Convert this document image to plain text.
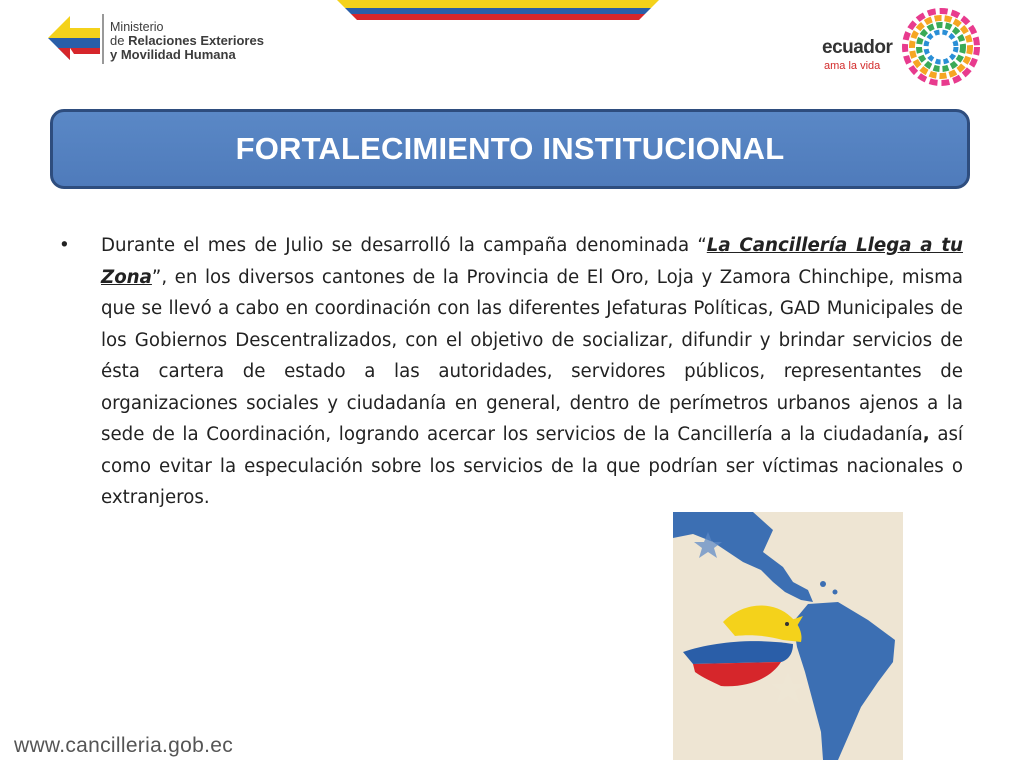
Ministerio
de Relaciones Exteriores
y Movilidad Humana	ecuador
ama la vida
FORTALECIMIENTO INSTITUCIONAL
•	Durante el mes de Julio se desarrolló la campaña denominada “La Cancillería Llega a tu Zona”, en los diversos cantones de la Provincia de El Oro, Loja y Zamora Chinchipe, misma que se llevó a cabo en coordinación con las diferentes Jefaturas Políticas, GAD Municipales de los Gobiernos Descentralizados, con el objetivo de socializar, difundir y brindar servicios de ésta cartera de estado a las autoridades, servidores públicos, representantes de organizaciones sociales y ciudadanía en general, dentro de perímetros urbanos ajenos a la sede de la Coordinación, logrando acercar los servicios de la Cancillería a la ciudadanía, así como evitar la especulación sobre los servicios de la que podrían ser víctimas nacionales o extranjeros.
www.cancilleria.gob.ec
